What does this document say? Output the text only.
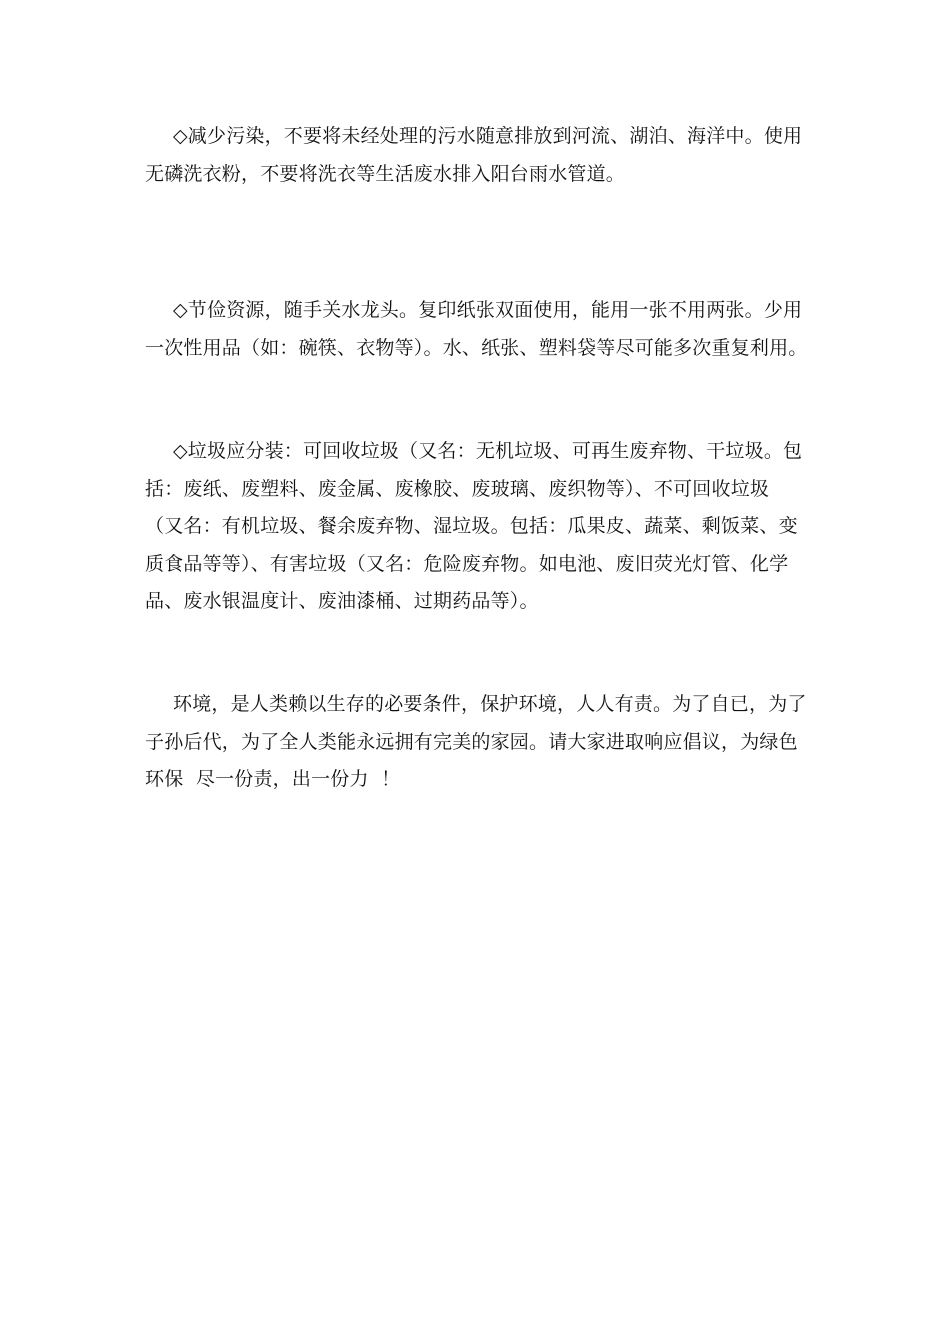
◇减少污染，不要将未经处理的污水随意排放到河流、湖泊、海洋中。使用
无磷洗衣粉，不要将洗衣等生活废水排入阳台雨水管道。

◇节俭资源，随手关水龙头。复印纸张双面使用，能用一张不用两张。少用
一次性用品（如：碗筷、衣物等）。水、纸张、塑料袋等尽可能多次重复利用。

◇垃圾应分装：可回收垃圾（又名：无机垃圾、可再生废弃物、干垃圾。包
括：废纸、废塑料、废金属、废橡胶、废玻璃、废织物等）、不可回收垃圾
（又名：有机垃圾、餐余废弃物、湿垃圾。包括：瓜果皮、蔬菜、剩饭菜、变
质食品等等）、有害垃圾（又名：危险废弃物。如电池、废旧荧光灯管、化学
品、废水银温度计、废油漆桶、过期药品等）。

环境，是人类赖以生存的必要条件，保护环境，人人有责。为了自已，为了
子孙后代，为了全人类能永远拥有完美的家园。请大家进取响应倡议，为绿色
环保  尽一份责，出一份力  ！
